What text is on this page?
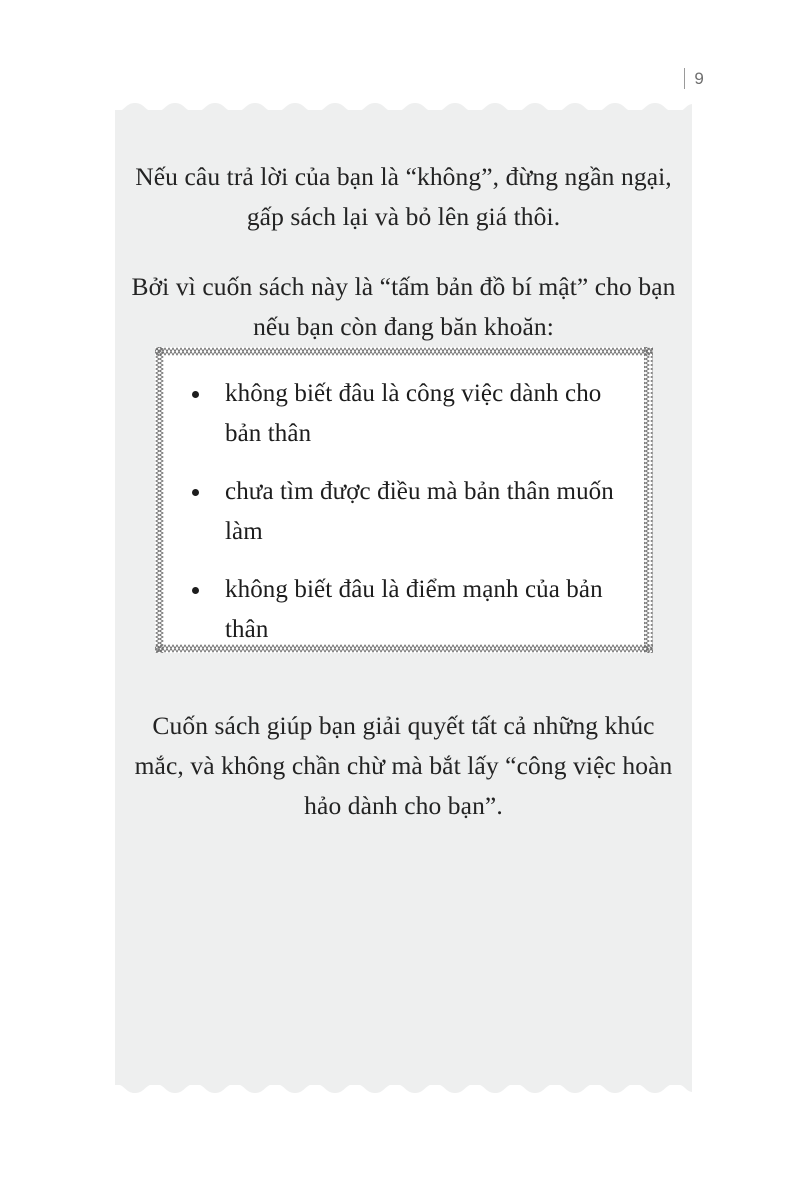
9

Nếu câu trả lời của bạn là “không”, đừng ngần ngại, gấp sách lại và bỏ lên giá thôi.

Bởi vì cuốn sách này là “tấm bản đồ bí mật” cho bạn nếu bạn còn đang băn khoăn:

không biết đâu là công việc dành cho bản thân
chưa tìm được điều mà bản thân muốn làm
không biết đâu là điểm mạnh của bản thân

Cuốn sách giúp bạn giải quyết tất cả những khúc mắc, và không chần chừ mà bắt lấy “công việc hoàn hảo dành cho bạn”.
